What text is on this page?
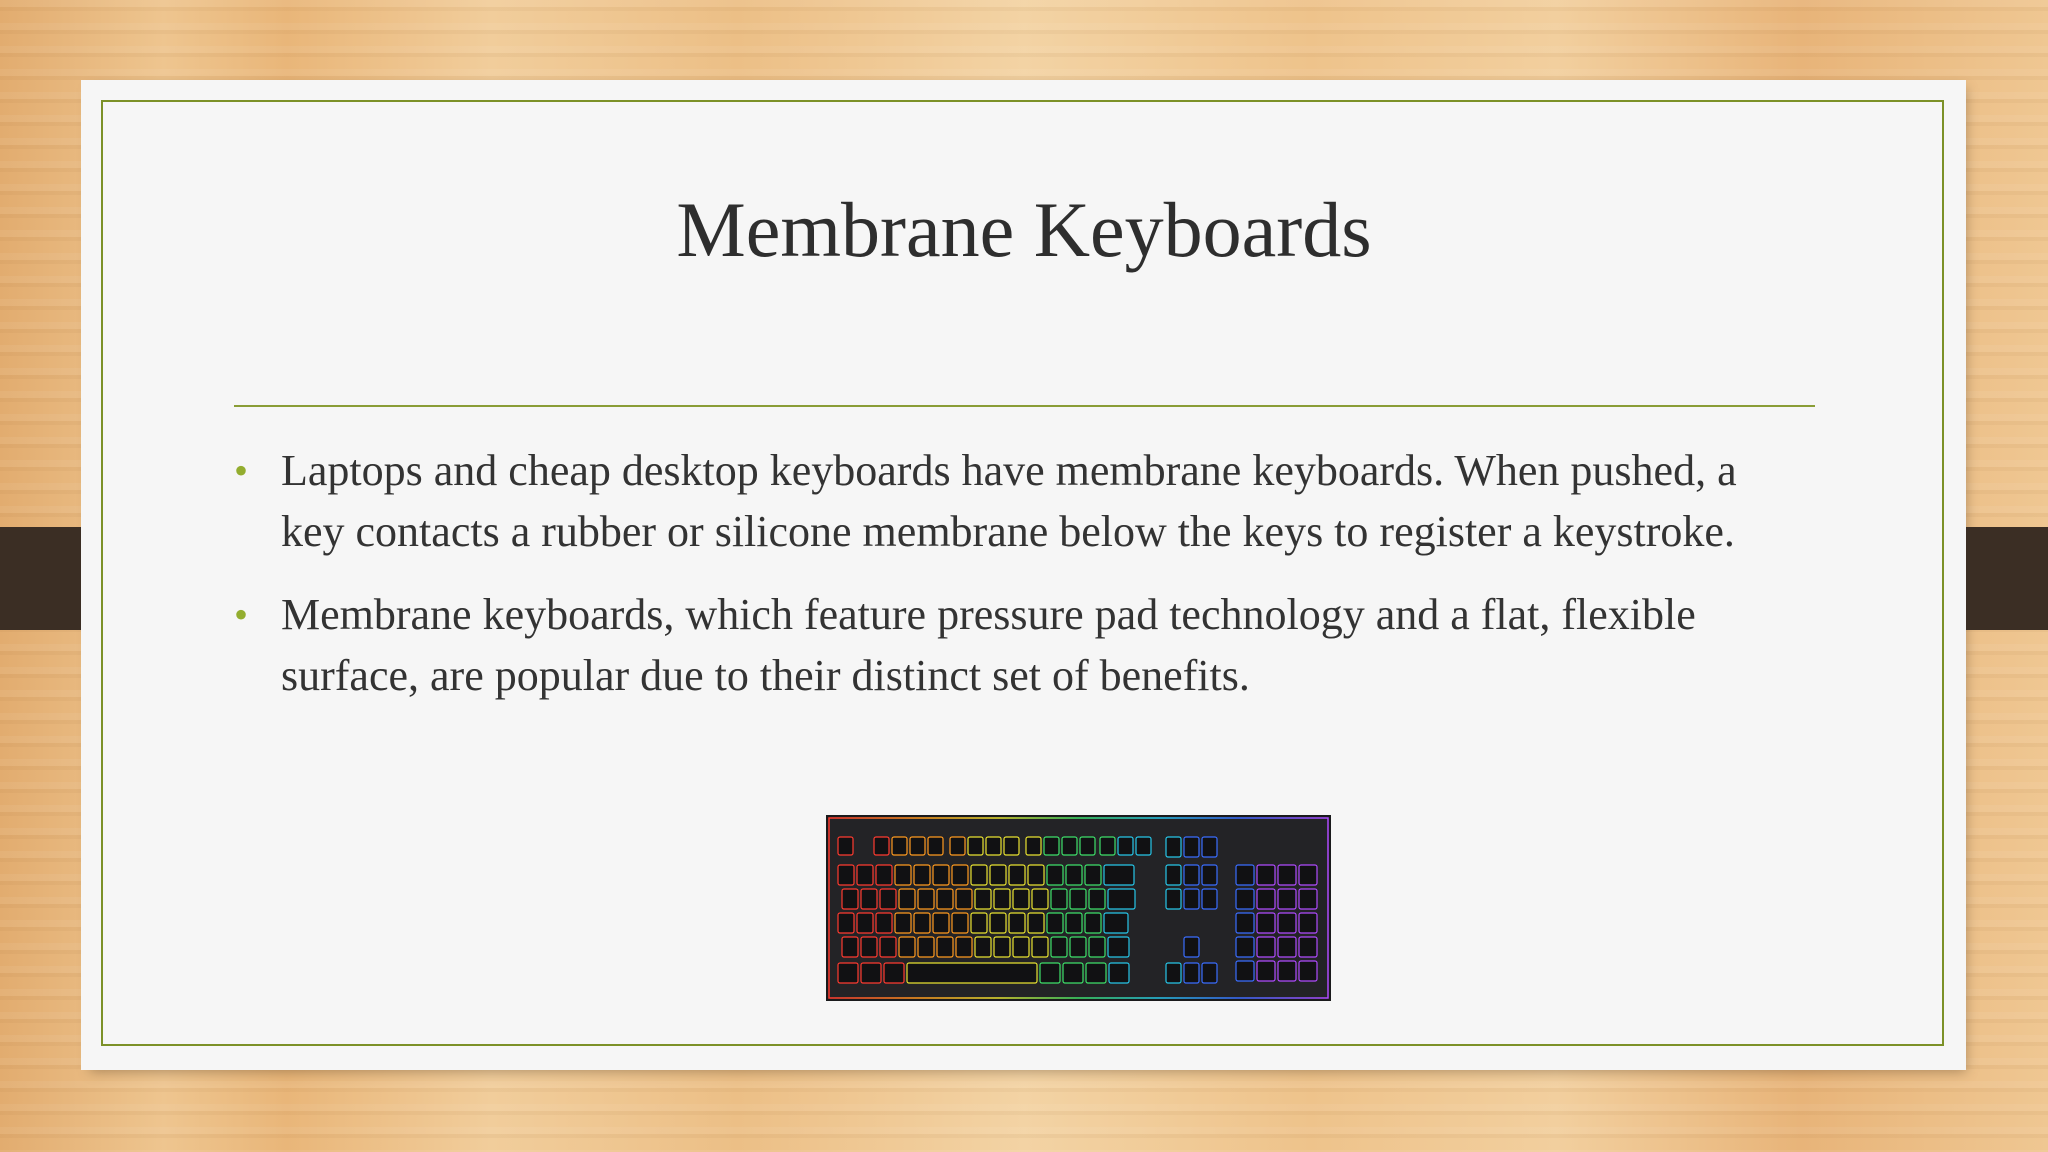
Membrane Keyboards
• Laptops and cheap desktop keyboards have membrane keyboards. When pushed, a key contacts a rubber or silicone membrane below the keys to register a keystroke.
• Membrane keyboards, which feature pressure pad technology and a flat, flexible surface, are popular due to their distinct set of benefits.
